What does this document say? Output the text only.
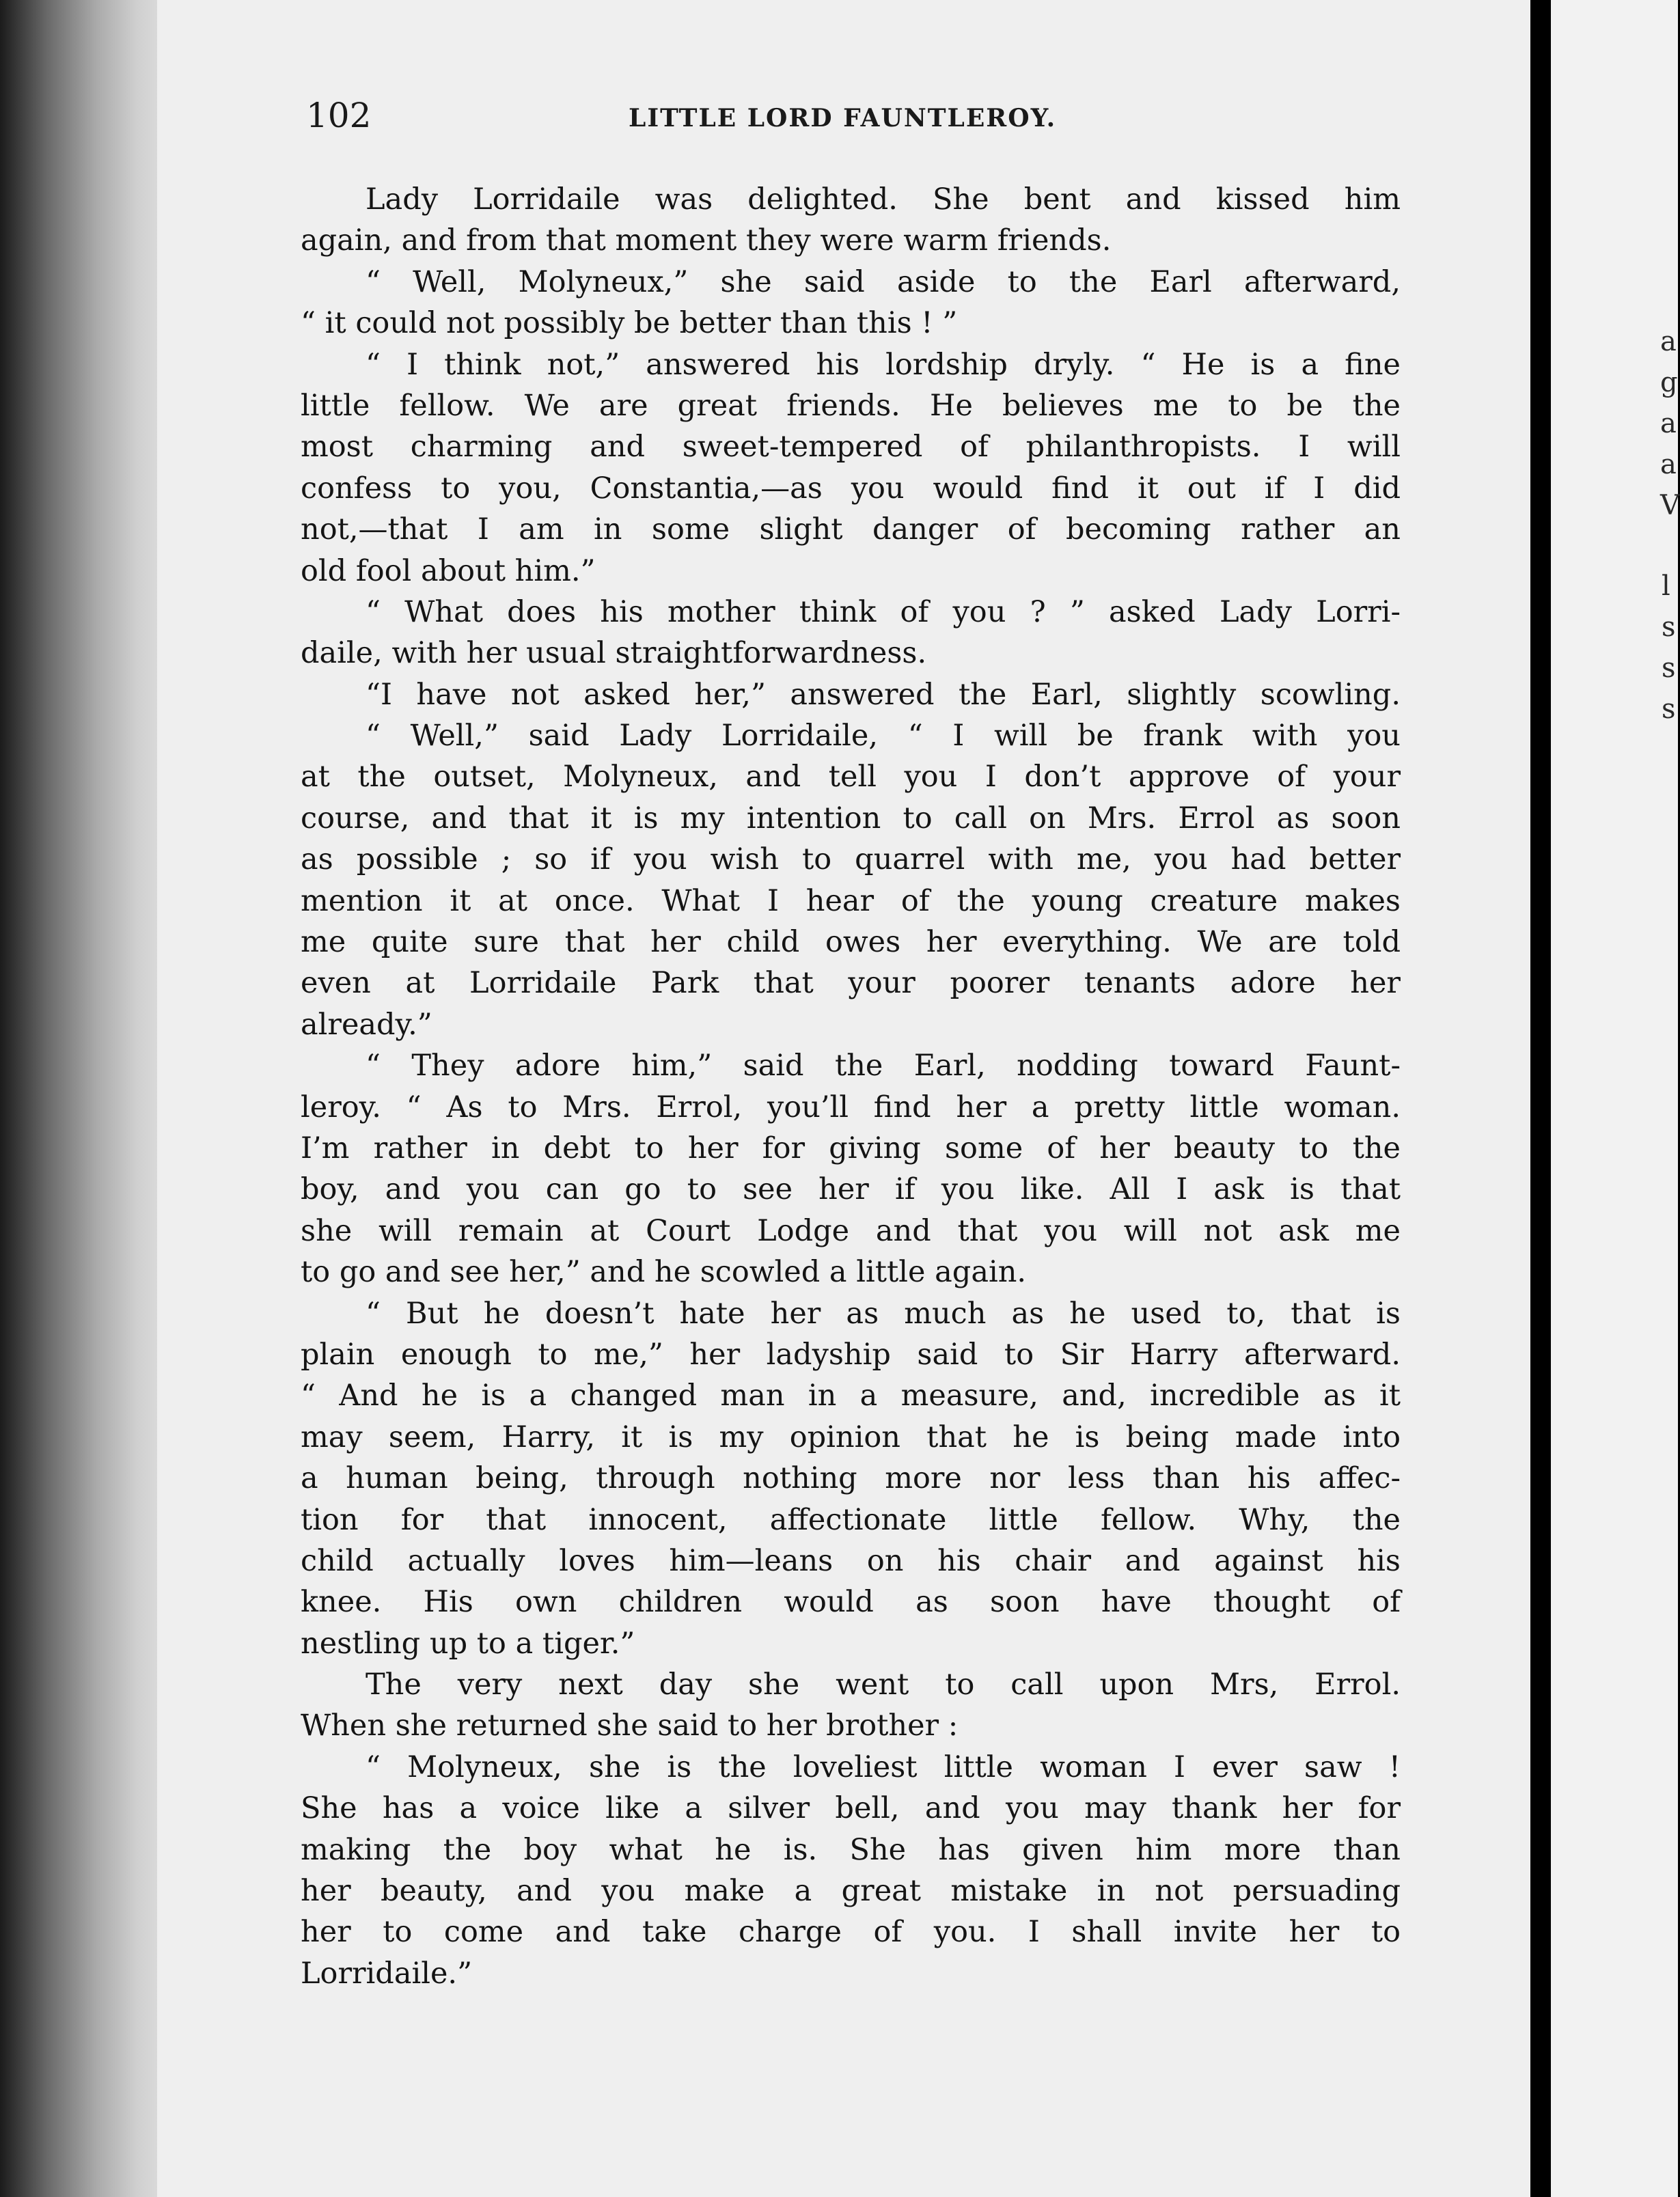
a
g
a
a
V
l
s
s
s
102	LITTLE LORD FAUNTLEROY.
Lady Lorridaile was delighted. She bent and kissed him
again, and from that moment they were warm friends.
“ Well, Molyneux,” she said aside to the Earl afterward,
“ it could not possibly be better than this ! ”
“ I think not,” answered his lordship dryly. “ He is a fine
little fellow. We are great friends. He believes me to be the
most charming and sweet-tempered of philanthropists. I will
confess to you, Constantia,—as you would find it out if I did
not,—that I am in some slight danger of becoming rather an
old fool about him.”
“ What does his mother think of you ? ” asked Lady Lorri-
daile, with her usual straightforwardness.
“I have not asked her,” answered the Earl, slightly scowling.
“ Well,” said Lady Lorridaile, “ I will be frank with you
at the outset, Molyneux, and tell you I don’t approve of your
course, and that it is my intention to call on Mrs. Errol as soon
as possible ; so if you wish to quarrel with me, you had better
mention it at once. What I hear of the young creature makes
me quite sure that her child owes her everything. We are told
even at Lorridaile Park that your poorer tenants adore her
already.”
“ They adore him,” said the Earl, nodding toward Faunt-
leroy. “ As to Mrs. Errol, you’ll find her a pretty little woman.
I’m rather in debt to her for giving some of her beauty to the
boy, and you can go to see her if you like. All I ask is that
she will remain at Court Lodge and that you will not ask me
to go and see her,” and he scowled a little again.
“ But he doesn’t hate her as much as he used to, that is
plain enough to me,” her ladyship said to Sir Harry afterward.
“ And he is a changed man in a measure, and, incredible as it
may seem, Harry, it is my opinion that he is being made into
a human being, through nothing more nor less than his affec-
tion for that innocent, affectionate little fellow. Why, the
child actually loves him—leans on his chair and against his
knee. His own children would as soon have thought of
nestling up to a tiger.”
The very next day she went to call upon Mrs, Errol.
When she returned she said to her brother :
“ Molyneux, she is the loveliest little woman I ever saw !
She has a voice like a silver bell, and you may thank her for
making the boy what he is. She has given him more than
her beauty, and you make a great mistake in not persuading
her to come and take charge of you. I shall invite her to
Lorridaile.”
